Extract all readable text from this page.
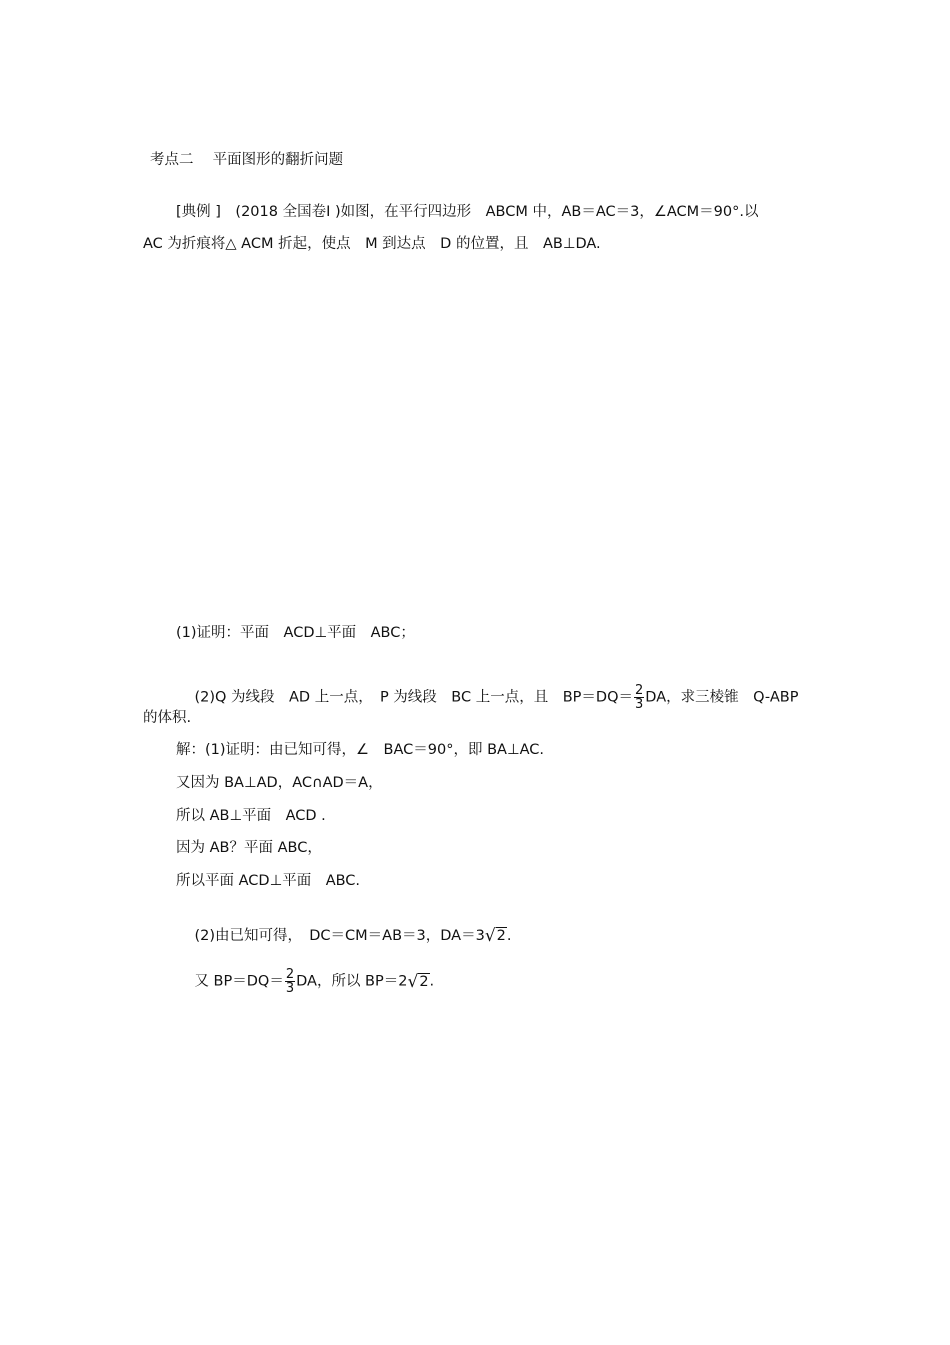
考点二　 平面图形的翻折问题
[典例 ]　(2018 全国卷Ⅰ )如图，在平行四边形　ABCM 中，AB＝AC＝3，∠ACM＝90°.以
AC 为折痕将△ ACM 折起，使点　M 到达点　D 的位置，且　AB⊥DA.
(1)证明：平面　ACD⊥平面　ABC；

(2)Q 为线段　AD 上一点，　P 为线段　BC 上一点，且　$BP=DQ= \frac{2}{3}$ DA，求三棱锥　Q-ABP

的体积.
解：(1)证明：由已知可得，∠　BAC＝90°，即 BA⊥AC.
又因为 BA⊥AD，AC∩AD＝A，
所以 AB⊥平面　ACD .
因为 AB？平面 ABC，
所以平面 ACD⊥平面　ABC.

(2)由已知可得，　DC＝CM＝AB＝3，DA＝3√2.

又 $BP=DQ= \frac{2}{3}$ DA，所以 BP＝2√2.
